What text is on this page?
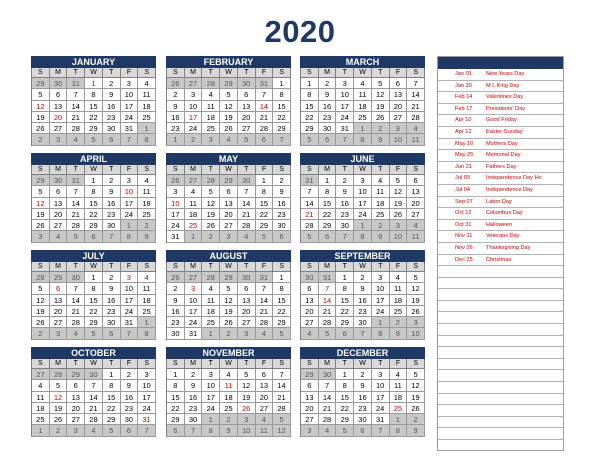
2020
JANUARY
S	M	T	W	T	F	S
29	30	31	1	2	3	4
5	6	7	8	9	10	11
12	13	14	15	16	17	18
19	20	21	22	23	24	25
26	27	28	29	30	31	1
2	3	4	5	6	7	8
FEBRUARY
S	M	T	W	T	F	S
26	27	28	29	30	31	1
2	3	4	5	6	7	8
9	10	11	12	13	14	15
16	17	18	19	20	21	22
23	24	25	26	27	28	29
1	2	3	4	5	6	7
MARCH
S	M	T	W	T	F	S
1	2	3	4	5	6	7
8	9	10	11	12	13	14
15	16	17	18	19	20	21
22	23	24	25	26	27	28
29	30	31	1	2	3	4
5	6	7	8	9	10	11
APRIL
S	M	T	W	T	F	S
29	30	31	1	2	3	4
5	6	7	8	9	10	11
12	13	14	15	16	17	18
19	20	21	22	23	24	25
26	27	28	29	30	1	2
3	4	5	6	7	8	9
MAY
S	M	T	W	T	F	S
26	27	28	29	30	1	2
3	4	5	6	7	8	9
10	11	12	13	14	15	16
17	18	19	20	21	22	23
24	25	26	27	28	29	30
31	1	2	3	4	5	6
JUNE
S	M	T	W	T	F	S
31	1	2	3	4	5	6
7	8	9	10	11	12	13
14	15	16	17	18	19	20
21	22	23	24	25	26	27
28	29	30	1	2	3	4
5	6	7	8	9	10	11
JULY
S	M	T	W	T	F	S
28	29	30	1	2	3	4
5	6	7	8	9	10	11
12	13	14	15	16	17	18
19	20	21	22	23	24	25
26	27	28	29	30	31	1
2	3	4	5	6	7	8
AUGUST
S	M	T	W	T	F	S
26	27	28	29	30	31	1
2	3	4	5	6	7	8
9	10	11	12	13	14	15
16	17	18	19	20	21	22
23	24	25	26	27	28	29
30	31	1	2	3	4	5
SEPTEMBER
S	M	T	W	T	F	S
30	31	1	2	3	4	5
6	7	8	9	10	11	12
13	14	15	16	17	18	19
20	21	22	23	24	25	26
27	28	29	30	1	2	3
4	5	6	7	8	9	10
OCTOBER
S	M	T	W	T	F	S
27	28	29	30	1	2	3
4	5	6	7	8	9	10
11	12	13	14	15	16	17
18	19	20	21	22	23	24
25	26	27	28	29	30	31
1	2	3	4	5	6	7
NOVEMBER
S	M	T	W	T	F	S
1	2	3	4	5	6	7
8	9	10	11	12	13	14
15	16	17	18	19	20	21
22	23	24	25	26	27	28
29	30	1	2	3	4	5
6	7	8	9	10	11	12
DECEMBER
S	M	T	W	T	F	S
29	30	1	2	3	4	5
6	7	8	9	10	11	12
13	14	15	16	17	18	19
20	21	22	23	24	25	26
27	28	29	30	31	1	2
3	4	5	6	7	8	9
Jan 01	New Years Day
Jan 20	M L King Day
Feb 14	Valentines Day
Feb 17	Presidents' Day
Apr 10	Good Friday
Apr 12	Easter Sunday
May 10	Mothers Day
May 25	Memorial Day
Jun 21	Fathers Day
Jul 03	Independence Day Ho
Jul 04	Independence Day
Sep 07	Labor Day
Oct 12	Columbus Day
Oct 31	Halloween
Nov 11	Veterans Day
Nov 26	Thanksgiving Day
Dec 25	Christmas
